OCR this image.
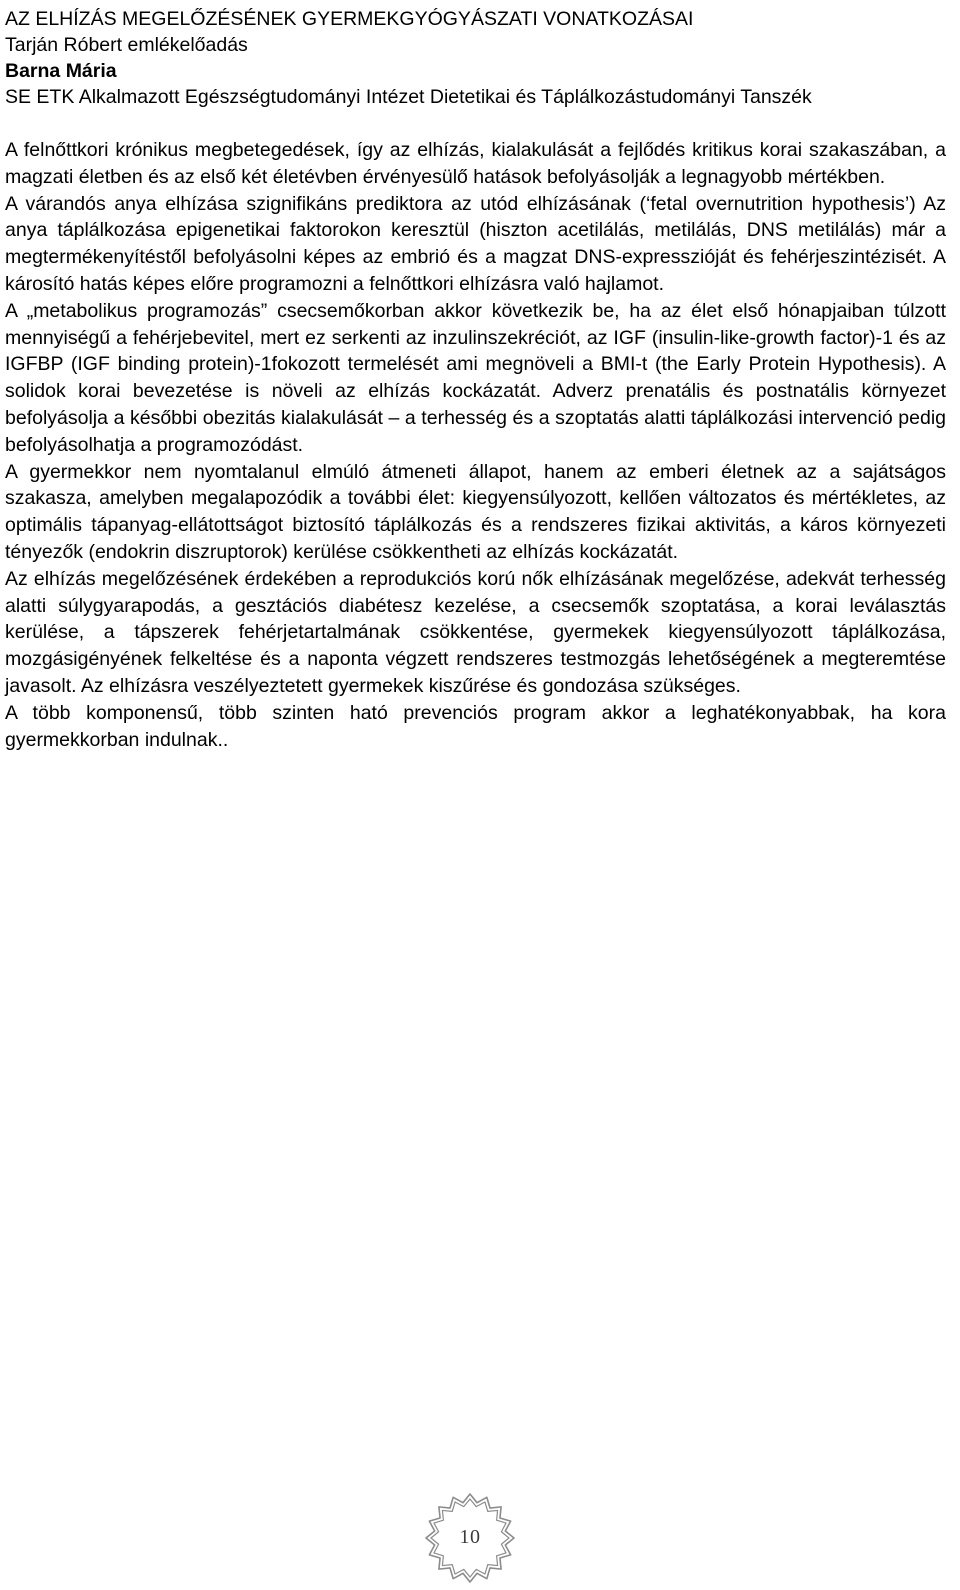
AZ ELHÍZÁS MEGELŐZÉSÉNEK GYERMEKGYÓGYÁSZATI VONATKOZÁSAI

Tarján Róbert emlékelőadás

Barna Mária

SE ETK Alkalmazott Egészségtudományi Intézet Dietetikai és Táplálkozástudományi Tanszék

A felnőttkori krónikus megbetegedések, így az elhízás, kialakulását a fejlődés kritikus korai szakaszában, a magzati életben és az első két életévben érvényesülő hatások befolyásolják a legnagyobb mértékben.

A várandós anya elhízása szignifikáns prediktora az utód elhízásának (‘fetal overnutrition hypothesis’) Az anya táplálkozása epigenetikai faktorokon keresztül (hiszton acetilálás, metilálás, DNS metilálás) már a megtermékenyítéstől befolyásolni képes az embrió és a magzat DNS-expresszióját és fehérjeszintézisét. A károsító hatás képes előre programozni a felnőttkori elhízásra való hajlamot.

A „metabolikus programozás” csecsemőkorban akkor következik be, ha az élet első hónapjaiban túlzott mennyiségű a fehérjebevitel, mert ez serkenti az inzulinszekréciót, az IGF (insulin-like-growth factor)-1 és az IGFBP (IGF binding protein)-1fokozott termelését ami megnöveli a BMI-t (the Early Protein Hypothesis). A solidok korai bevezetése is növeli az elhízás kockázatát. Adverz prenatális és postnatális környezet befolyásolja a későbbi obezitás kialakulását – a terhesség és a szoptatás alatti táplálkozási intervenció pedig befolyásolhatja a programozódást.

A gyermekkor nem nyomtalanul elmúló átmeneti állapot, hanem az emberi életnek az a sajátságos szakasza, amelyben megalapozódik a további élet: kiegyensúlyozott, kellően változatos és mértékletes, az optimális tápanyag-ellátottságot biztosító táplálkozás és a rendszeres fizikai aktivitás, a káros környezeti tényezők (endokrin diszruptorok) kerülése csökkentheti az elhízás kockázatát.

Az elhízás megelőzésének érdekében a reprodukciós korú nők elhízásának megelőzése, adekvát terhesség alatti súlygyarapodás, a gesztációs diabétesz kezelése, a csecsemők szoptatása, a korai leválasztás kerülése, a tápszerek fehérjetartalmának csökkentése, gyermekek kiegyensúlyozott táplálkozása, mozgásigényének felkeltése és a naponta végzett rendszeres testmozgás lehetőségének a megteremtése javasolt. Az elhízásra veszélyeztetett gyermekek kiszűrése és gondozása szükséges.

A több komponensű, több szinten ható prevenciós program akkor a leghatékonyabbak, ha kora gyermekkorban indulnak..

10
